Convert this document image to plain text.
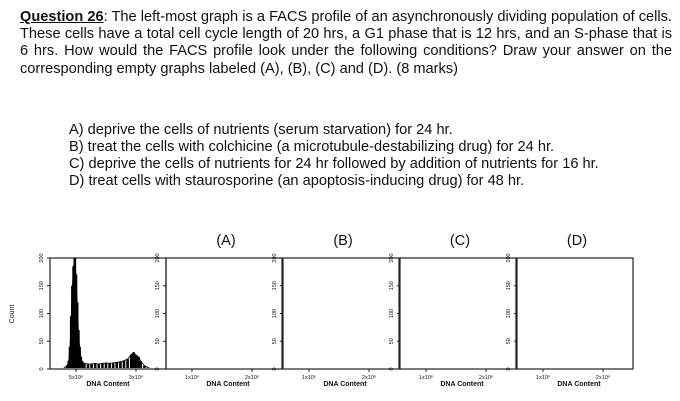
Question 26: The left-most graph is a FACS profile of an asynchronously dividing population of cells. These cells have a total cell cycle length of 20 hrs, a G1 phase that is 12 hrs, and an S-phase that is 6 hrs. How would the FACS profile look under the following conditions? Draw your answer on the corresponding empty graphs labeled (A), (B), (C) and (D). (8 marks)
A) deprive the cells of nutrients (serum starvation) for 24 hr.
B) treat the cells with colchicine (a microtubule-destabilizing drug) for 24 hr.
C) deprive the cells of nutrients for 24 hr followed by addition of nutrients for 16 hr.
D) treat cells with staurosporine (an apoptosis-inducing drug) for 48 hr.
Count
0
50
100
150
200
5x10⁶	3x10⁶
DNA Content
0
50
100
150
200
1x10⁶	2x10⁶
DNA Content
(A)
0
50
100
150
200
1x10⁶	2x10⁶
DNA Content
(B)
0
50
100
150
200
1x10⁶	2x10⁶
DNA Content
(C)
0
50
100
150
200
1x10⁶	2x10⁶
DNA Content
(D)
